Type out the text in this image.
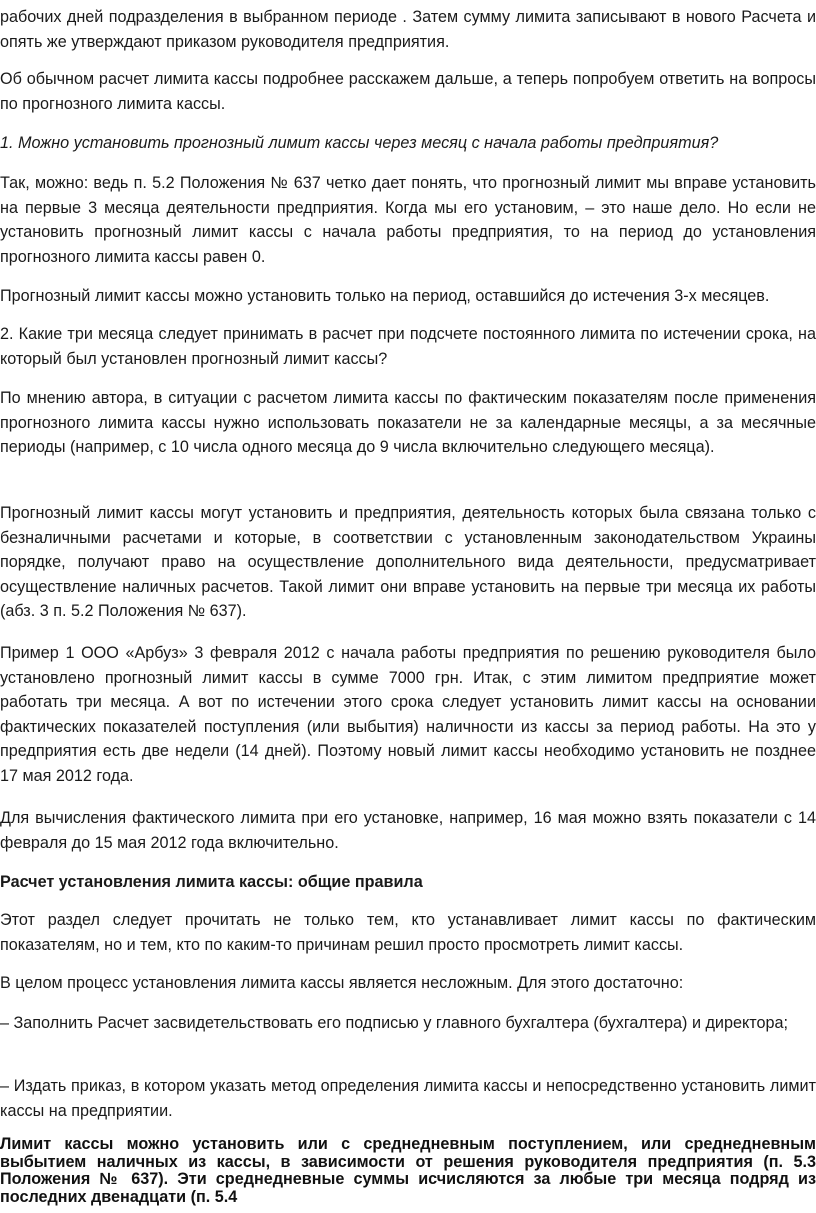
рабочих дней подразделения в выбранном периоде . Затем сумму лимита записывают в нового Расчета и опять же утверждают приказом руководителя предприятия.

Об обычном расчет лимита кассы подробнее расскажем дальше, а теперь попробуем ответить на вопросы по прогнозного лимита кассы.

1. Можно установить прогнозный лимит кассы через месяц с начала работы предприятия?

Так, можно: ведь п. 5.2 Положения № 637 четко дает понять, что прогнозный лимит мы вправе установить на первые 3 месяца деятельности предприятия. Когда мы его установим, – это наше дело. Но если не установить прогнозный лимит кассы с начала работы предприятия, то на период до установления прогнозного лимита кассы равен 0.

Прогнозный лимит кассы можно установить только на период, оставшийся до истечения 3-х месяцев.

2. Какие три месяца следует принимать в расчет при подсчете постоянного лимита по истечении срока, на который был установлен прогнозный лимит кассы?

По мнению автора, в ситуации с расчетом лимита кассы по фактическим показателям после применения прогнозного лимита кассы нужно использовать показатели не за календарные месяцы, а за месячные периоды (например, с 10 числа одного месяца до 9 числа включительно следующего месяца).

Прогнозный лимит кассы могут установить и предприятия, деятельность которых была связана только с безналичными расчетами и которые, в соответствии с установленным законодательством Украины порядке, получают право на осуществление дополнительного вида деятельности, предусматривает осуществление наличных расчетов. Такой лимит они вправе установить на первые три месяца их работы (абз. 3 п. 5.2 Положения № 637).

Пример 1 ООО «Арбуз» 3 февраля 2012 с начала работы предприятия по решению руководителя было установлено прогнозный лимит кассы в сумме 7000 грн. Итак, с этим лимитом предприятие может работать три месяца. А вот по истечении этого срока следует установить лимит кассы на основании фактических показателей поступления (или выбытия) наличности из кассы за период работы. На это у предприятия есть две недели (14 дней). Поэтому новый лимит кассы необходимо установить не позднее 17 мая 2012 года.

Для вычисления фактического лимита при его установке, например, 16 мая можно взять показатели с 14 февраля до 15 мая 2012 года включительно.

Расчет установления лимита кассы: общие правила

Этот раздел следует прочитать не только тем, кто устанавливает лимит кассы по фактическим показателям, но и тем, кто по каким-то причинам решил просто просмотреть лимит кассы.

В целом процесс установления лимита кассы является несложным. Для этого достаточно:

– Заполнить Расчет засвидетельствовать его подписью у главного бухгалтера (бухгалтера) и директора;

– Издать приказ, в котором указать метод определения лимита кассы и непосредственно установить лимит кассы на предприятии.

Лимит кассы можно установить или с среднедневным поступлением, или среднедневным выбытием наличных из кассы, в зависимости от решения руководителя предприятия (п. 5.3 Положения № 637). Эти среднедневные суммы исчисляются за любые три месяца подряд из последних двенадцати (п. 5.4
